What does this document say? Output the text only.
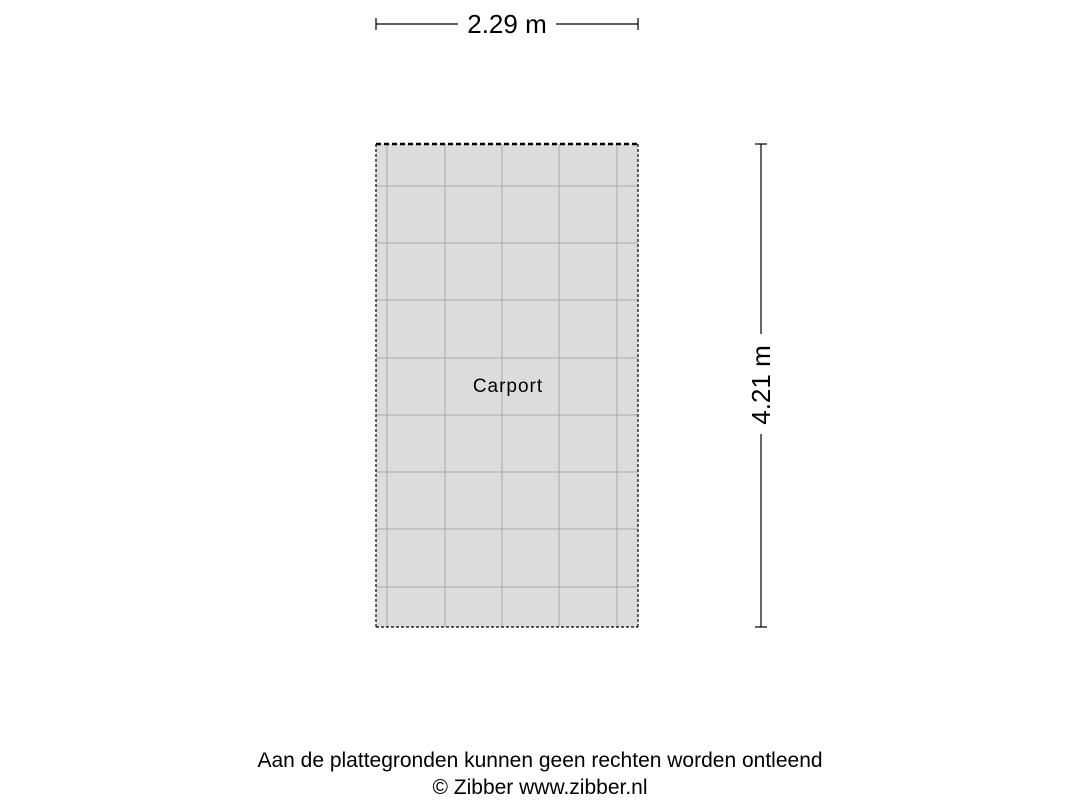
2.29 m
Carport	4.21 m
Aan de plattegronden kunnen geen rechten worden ontleend
© Zibber www.zibber.nl
